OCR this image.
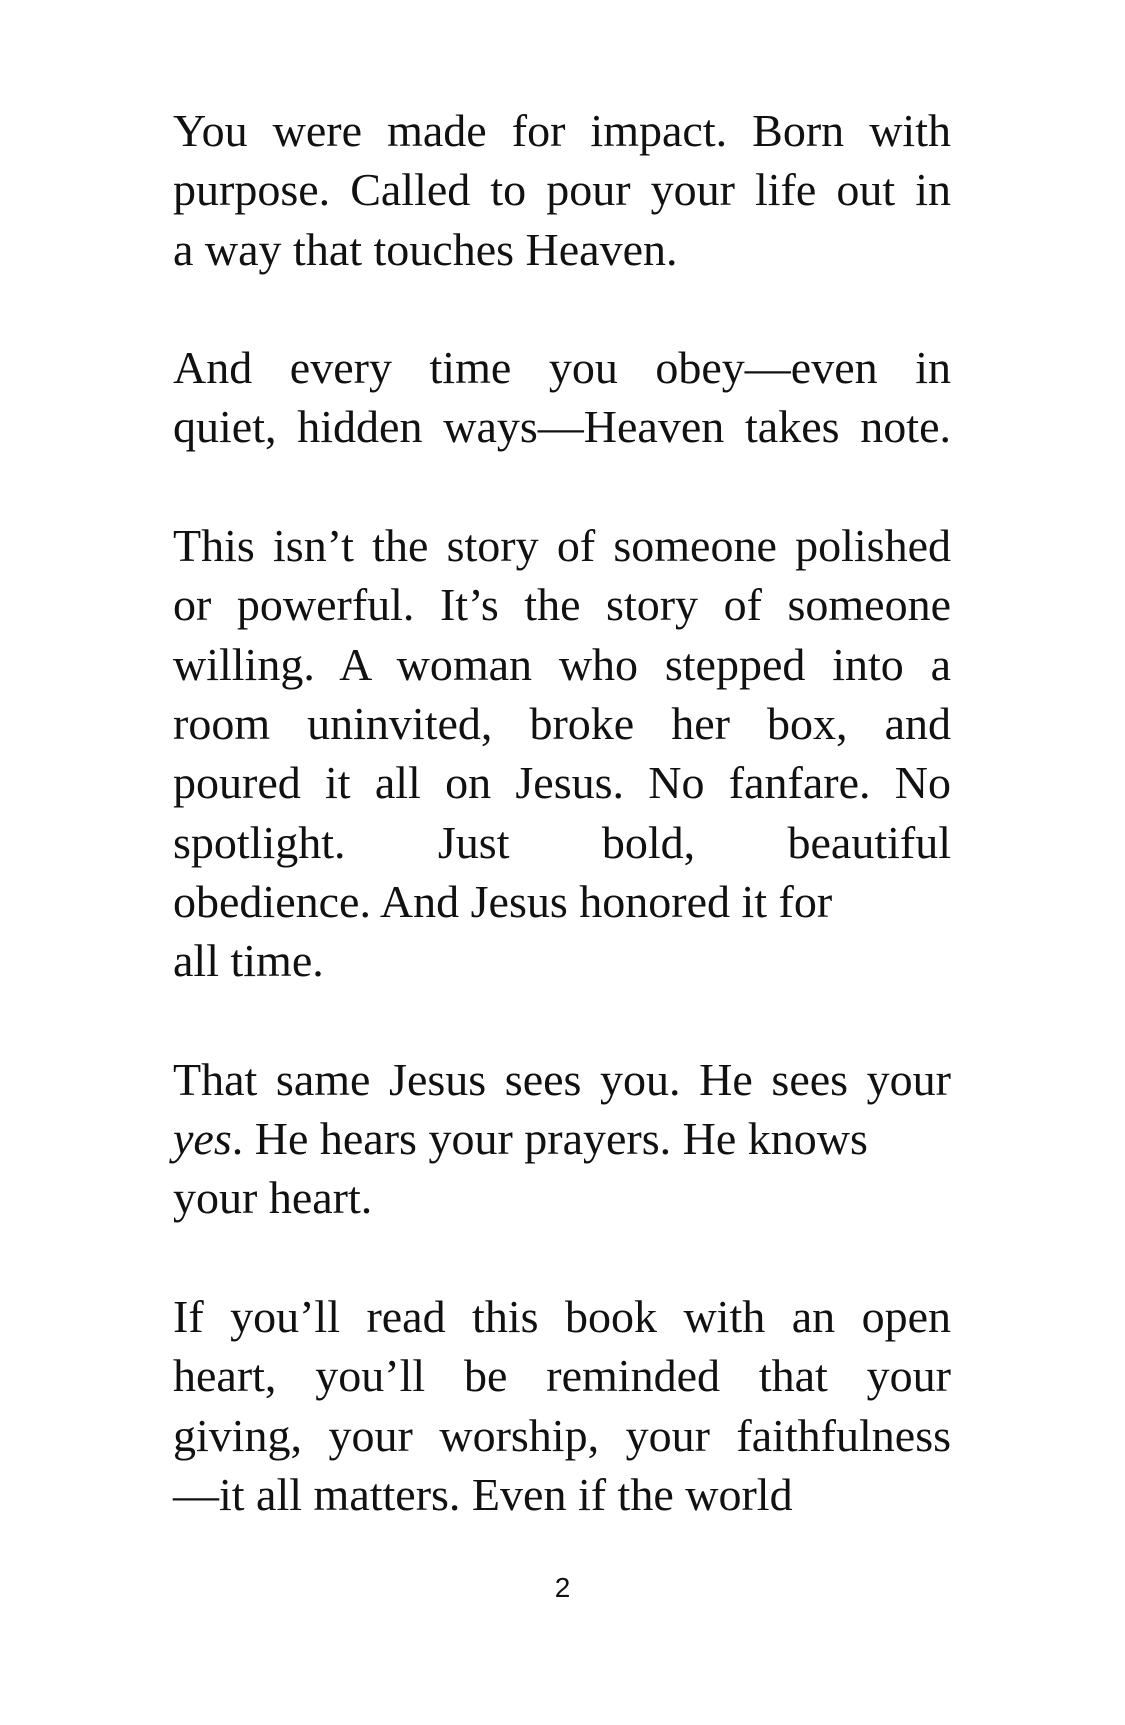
You were made for impact. Born with
purpose. Called to pour your life out in
a way that touches Heaven.
And every time you obey—even in
quiet, hidden ways—Heaven takes note.
This isn’t the story of someone polished
or powerful. It’s the story of someone
willing. A woman who stepped into a
room uninvited, broke her box, and
poured it all on Jesus. No fanfare. No
spotlight. Just bold, beautiful
obedience. And Jesus honored it for
all time.
That same Jesus sees you. He sees your
yes. He hears your prayers. He knows
your heart.
If you’ll read this book with an open
heart, you’ll be reminded that your
giving, your worship, your faithfulness
—it all matters. Even if the world
2
